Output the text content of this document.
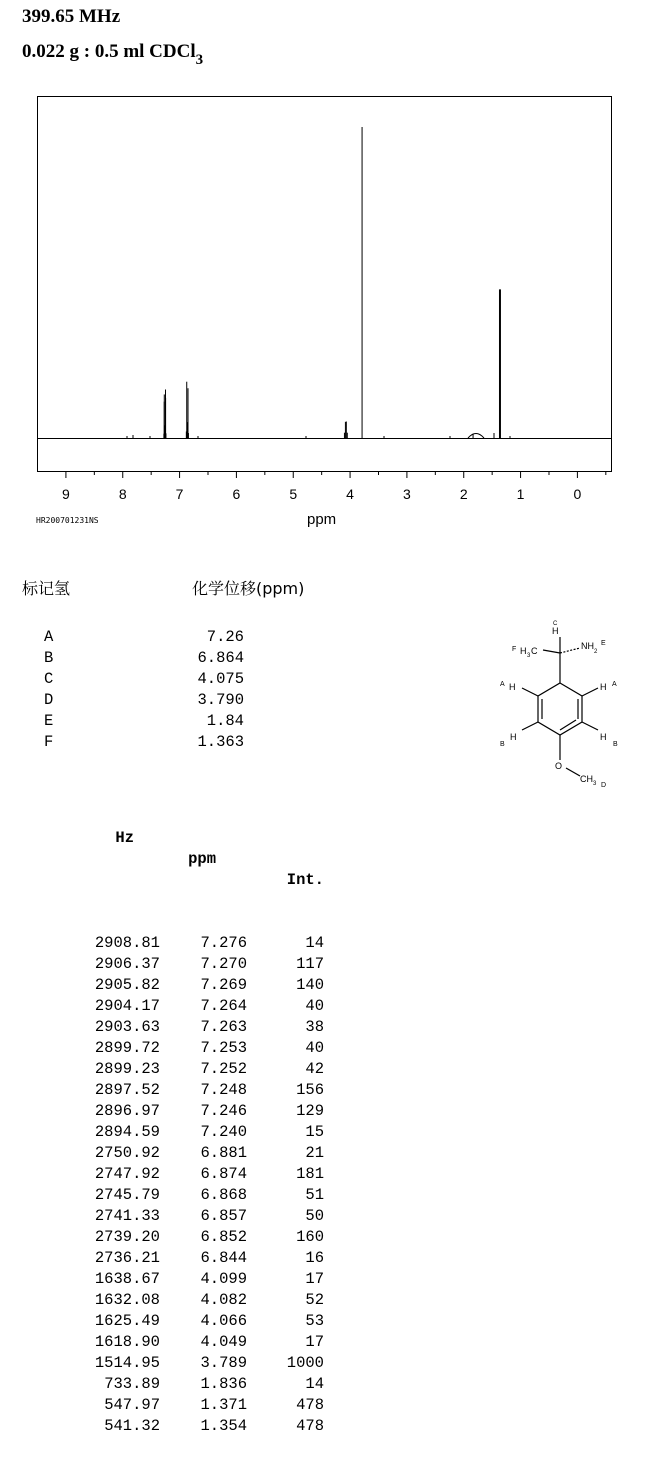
399.65 MHz
0.022 g : 0.5 ml CDCl$_3$
9	8	7	6	5	4	3	2	1	0
HR200701231NS	ppm
标记氢	化学位移(ppm)
A	7.26
B	6.864
C	4.075
D	3.790
E	1.84
F	1.363

Hz

ppm

Int.

2908.81	7.276	14
2906.37	7.270	117
2905.82	7.269	140
2904.17	7.264	40
2903.63	7.263	38
2899.72	7.253	40
2899.23	7.252	42
2897.52	7.248	156
2896.97	7.246	129
2894.59	7.240	15
2750.92	6.881	21
2747.92	6.874	181
2745.79	6.868	51
2741.33	6.857	50
2739.20	6.852	160
2736.21	6.844	16
1638.67	4.099	17
1632.08	4.082	52
1625.49	4.066	53
1618.90	4.049	17
1514.95	3.789	1000
733.89	1.836	14
547.97	1.371	478
541.32	1.354	478

C
H
F H 3 C	NH
2
E
A H	H A
B
H	H
B
O
CH 3 D
